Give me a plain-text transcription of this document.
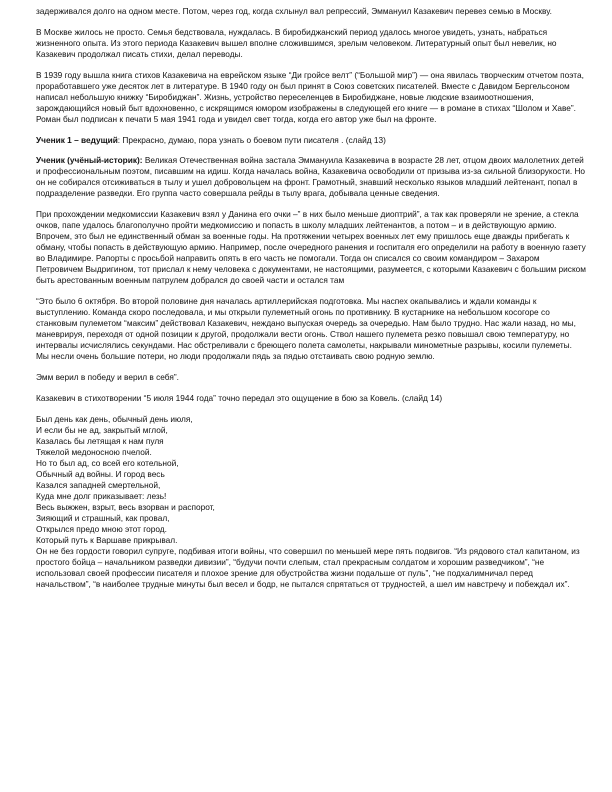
задерживался долго на одном месте. Потом, через год, когда схлынул вал репрессий, Эммануил Казакевич перевез семью в Москву.

В Москве жилось не просто. Семья бедствовала, нуждалась. В биробиджанский период удалось многое увидеть, узнать, набраться жизненного опыта. Из этого периода Казакевич вышел вполне сложившимся, зрелым человеком. Литературный опыт был невелик, но Казакевич продолжал писать стихи, делал переводы.

В 1939 году вышла книга стихов Казакевича на еврейском языке “Ди гройсе велт” (“Большой мир”) — она явилась творческим отчетом поэта, проработавшего уже десяток лет в литературе. В 1940 году он был принят в Союз советских писателей. Вместе с Давидом Бергельсоном написал небольшую книжку “Биробиджан”. Жизнь, устройство переселенцев в Биробиджане, новые людские взаимоотношения, зарождающийся новый быт вдохновенно, с искрящимся юмором изображены в следующей его книге — в романе в стихах “Шолом и Хаве”. Роман был подписан к печати 5 мая 1941 года и увидел свет тогда, когда его автор уже был на фронте.

Ученик 1 – ведущий: Прекрасно, думаю, пора узнать о боевом пути писателя . (слайд 13)

Ученик (учёный-историк): Великая Отечественная война застала Эммануила Казакевича в возрасте 28 лет, отцом двоих малолетних детей и профессиональным поэтом, писавшим на идиш. Когда началась война, Казакевича освободили от призыва из-за сильной близорукости. Но он не собирался отсиживаться в тылу и ушел добровольцем на фронт. Грамотный, знавший несколько языков младший лейтенант, попал в подразделение разведки. Его группа часто совершала рейды в тылу врага, добывала ценные сведения.

При прохождении медкомиссии Казакевич взял у Данина его очки –” в них было меньше диоптрий”, а так как проверяли не зрение, а стекла очков, папе удалось благополучно пройти медкомиссию и попасть в школу младших лейтенантов, а потом – и в действующую армию. Впрочем, это был не единственный обман за военные годы. На протяжении четырех военных лет ему пришлось еще дважды прибегать к обману, чтобы попасть в действующую армию. Например, после очередного ранения и госпиталя его определили на работу в военную газету во Владимире. Рапорты с просьбой направить опять в его часть не помогали. Тогда он списался со своим командиром – Захаром Петровичем Выдригином, тот прислал к нему человека с документами, не настоящими, разумеется, с которыми Казакевич с большим риском быть арестованным военным патрулем добрался до своей части и остался там

“Это было 6 октября. Во второй половине дня началась артиллерийская подготовка. Мы наспех окапывались и ждали команды к выступлению. Команда скоро последовала, и мы открыли пулеметный огонь по противнику. В кустарнике на небольшом косогоре со станковым пулеметом “максим” действовал Казакевич, неждано выпуская очередь за очередью. Нам было трудно. Нас жали назад, но мы, маневрируя, переходя от одной позиции к другой, продолжали вести огонь. Ствол нашего пулемета резко повышал свою температуру, но интервалы исчислялись секундами. Нас обстреливали с бреющего полета самолеты, накрывали минометные разрывы, косили пулеметы. Мы несли очень большие потери, но люди продолжали пядь за пядью отстаивать свою родную землю.

Эмм верил в победу и верил в себя”.

Казакевич в стихотворении “5 июля 1944 года” точно передал это ощущение в бою за Ковель. (слайд 14)

Был день как день, обычный день июля,
И если бы не ад, закрытый мглой,
Казалась бы летящая к нам пуля
Тяжелой медоносною пчелой.
Но то был ад, со всей его котельной,
Обычный ад войны. И город весь
Казался западней смертельной,
Куда мне долг приказывает: лезь!
Весь выжжен, взрыт, весь взорван и распорот,
Зияющий и страшный, как провал,
Открылся предо мною этот город.
Который путь к Варшаве прикрывал.

Он не без гордости говорил супруге, подбивая итоги войны, что совершил по меньшей мере пять подвигов. “Из рядового стал капитаном, из простого бойца – начальником разведки дивизии”, “будучи почти слепым, стал прекрасным солдатом и хорошим разведчиком”, “не использовал своей профессии писателя и плохое зрение для обустройства жизни подальше от пуль”, “не подхалимничал перед начальством”, “в наиболее трудные минуты был весел и бодр, не пытался спрятаться от трудностей, а шел им навстречу и побеждал их”.
